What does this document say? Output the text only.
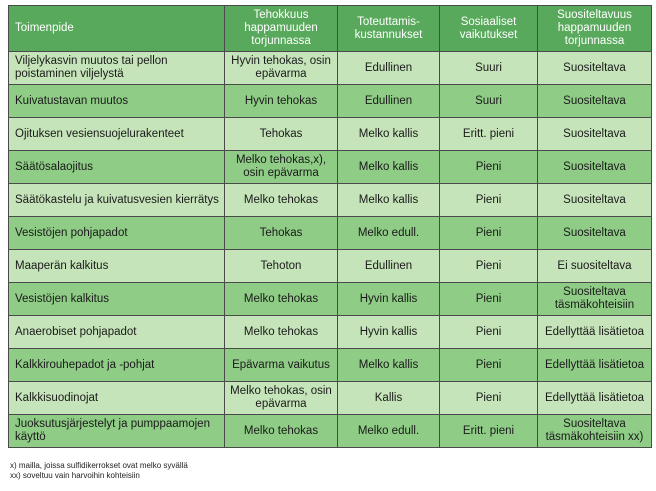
Toimenpide	Tehokkuus happamuuden torjunnassa	Toteuttamis-kustannukset	Sosiaaliset vaikutukset	Suositeltavuus happamuuden torjunnassa
Viljelykasvin muutos tai pellon poistaminen viljelystä	Hyvin tehokas, osin epävarma	Edullinen	Suuri	Suositeltava
Kuivatustavan muutos	Hyvin tehokas	Edullinen	Suuri	Suositeltava
Ojituksen vesiensuojelurakenteet	Tehokas	Melko kallis	Eritt. pieni	Suositeltava
Säätösalaojitus	Melko tehokas,x), osin epävarma	Melko kallis	Pieni	Suositeltava
Säätökastelu ja kuivatusvesien kierrätys	Melko tehokas	Melko kallis	Pieni	Suositeltava
Vesistöjen pohjapadot	Tehokas	Melko edull.	Pieni	Suositeltava
Maaperän kalkitus	Tehoton	Edullinen	Pieni	Ei suositeltava
Vesistöjen kalkitus	Melko tehokas	Hyvin kallis	Pieni	Suositeltava täsmäkohteisiin
Anaerobiset pohjapadot	Melko tehokas	Hyvin kallis	Pieni	Edellyttää lisätietoa
Kalkkirouhepadot ja -pohjat	Epävarma vaikutus	Melko kallis	Pieni	Edellyttää lisätietoa
Kalkkisuodinojat	Melko tehokas, osin epävarma	Kallis	Pieni	Edellyttää lisätietoa
Juoksutusjärjestelyt ja pumppaamojen käyttö	Melko tehokas	Melko edull.	Eritt. pieni	Suositeltava täsmäkohteisiin xx)
x) mailla, joissa sulfidikerrokset ovat melko syvällä
xx) soveltuu vain harvoihin kohteisiin
